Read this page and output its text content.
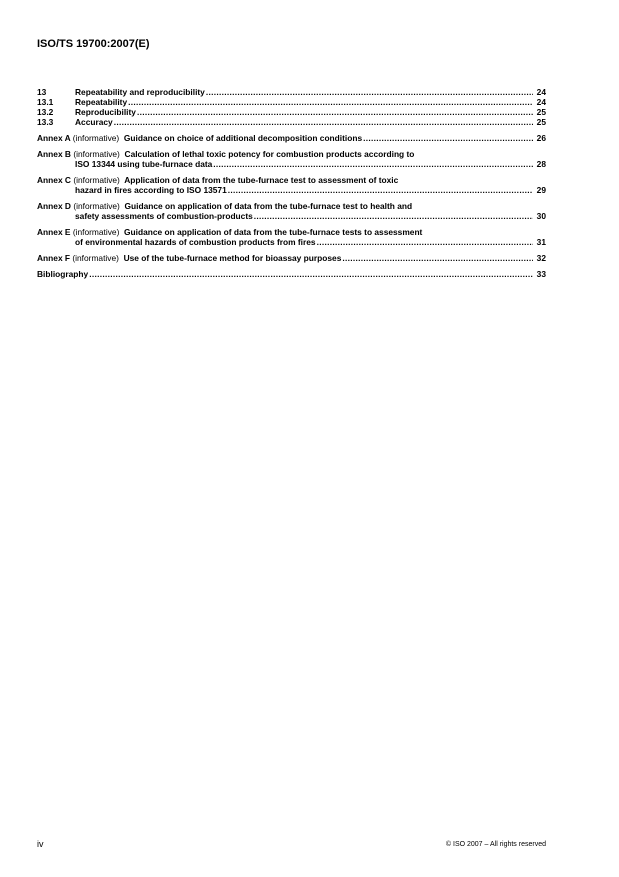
ISO/TS 19700:2007(E)
13	Repeatability and reproducibility .....	24
13.1	Repeatability .....	24
13.2	Reproducibility .....	25
13.3	Accuracy .....	25
Annex A (informative) Guidance on choice of additional decomposition conditions .....	26
Annex B (informative) Calculation of lethal toxic potency for combustion products according to
ISO 13344 using tube-furnace data .....	28
Annex C (informative) Application of data from the tube-furnace test to assessment of toxic
hazard in fires according to ISO 13571 .....	29
Annex D (informative) Guidance on application of data from the tube-furnace test to health and
safety assessments of combustion-products .....	30
Annex E (informative) Guidance on application of data from the tube-furnace tests to assessment
of environmental hazards of combustion products from fires .....	31
Annex F (informative) Use of the tube-furnace method for bioassay purposes .....	32
Bibliography .....	33
iv	© ISO 2007 – All rights reserved
